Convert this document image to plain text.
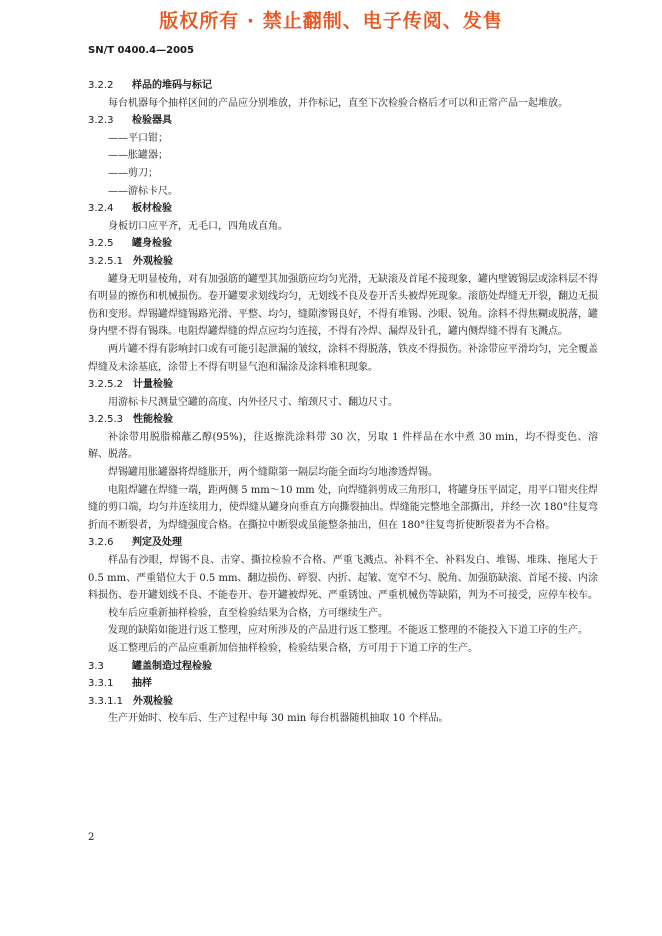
版权所有 · 禁止翻制、电子传阅、发售
SN/T 0400.4—2005
3.2.2  样品的堆码与标记
每台机器每个抽样区间的产品应分别堆放，并作标记，直至下次检验合格后才可以和正常产品一起堆放。
3.2.3  检验器具
——平口钳；
——胀罐器；
——剪刀；
——游标卡尺。
3.2.4  板材检验
身板切口应平齐，无毛口，四角成直角。
3.2.5  罐身检验
3.2.5.1  外观检验
罐身无明显棱角，对有加强筋的罐型其加强筋应均匀光滑，无缺滚及首尾不接现象，罐内壁镀锡层或涂料层不得有明显的擦伤和机械损伤。卷开罐要求划线均匀，无划线不良及卷开舌头被焊死现象。滚筋处焊缝无开裂，翻边无损伤和变形。焊锡罐焊缝锡路光滑、平整、均匀，缝隙渗锡良好，不得有堆锡、沙眼、锐角。涂料不得焦糊或脱落，罐身内壁不得有锡珠。电阻焊罐焊缝的焊点应均匀连接，不得有冷焊、漏焊及针孔，罐内侧焊缝不得有飞溅点。
两片罐不得有影响封口或有可能引起泄漏的皱纹，涂料不得脱落，铁皮不得损伤。补涂带应平滑均匀，完全覆盖焊缝及未涂基底，涂带上不得有明显气泡和漏涂及涂料堆积现象。
3.2.5.2  计量检验
用游标卡尺测量空罐的高度、内外径尺寸、缩颈尺寸、翻边尺寸。
3.2.5.3  性能检验
补涂带用脱脂棉蘸乙醇(95%)，往返擦洗涂料带 30 次，另取 1 件样品在水中煮 30 min，均不得变色、溶解、脱落。
焊锡罐用胀罐器将焊缝胀开，两个缝隙第一隔层均能全面均匀地渗透焊锡。
电阻焊罐在焊缝一端，距两侧 5 mm～10 mm 处，向焊缝斜剪成三角形口，将罐身压平固定，用平口钳夹住焊缝的剪口端，均匀并连续用力，使焊缝从罐身向垂直方向撕裂抽出。焊缝能完整地全部撕出，并经一次 180°往复弯折而不断裂者，为焊缝强度合格。在撕拉中断裂或虽能整条抽出，但在 180°往复弯折使断裂者为不合格。
3.2.6  判定及处理
样品有沙眼，焊锡不良、击穿、撕拉检验不合格、严重飞溅点、补料不全、补料发白、堆锡、堆珠、拖尾大于 0.5 mm、严重错位大于 0.5 mm、翻边损伤、碎裂、内折、起皱、宽窄不匀、脱角、加强筋缺滚、首尾不接、内涂料损伤、卷开罐划线不良、不能卷开、卷开罐被焊死、严重锈蚀、严重机械伤等缺陷，判为不可接受，应停车校车。
校车后应重新抽样检验，直至检验结果为合格，方可继续生产。
发现的缺陷如能进行返工整理，应对所涉及的产品进行返工整理。不能返工整理的不能投入下道工序的生产。
返工整理后的产品应重新加倍抽样检验，检验结果合格，方可用于下道工序的生产。
3.3 	罐盖制造过程检验
3.3.1  抽样
3.3.1.1  外观检验
生产开始时、校车后、生产过程中每 30 min 每台机器随机抽取 10 个样品。
2
